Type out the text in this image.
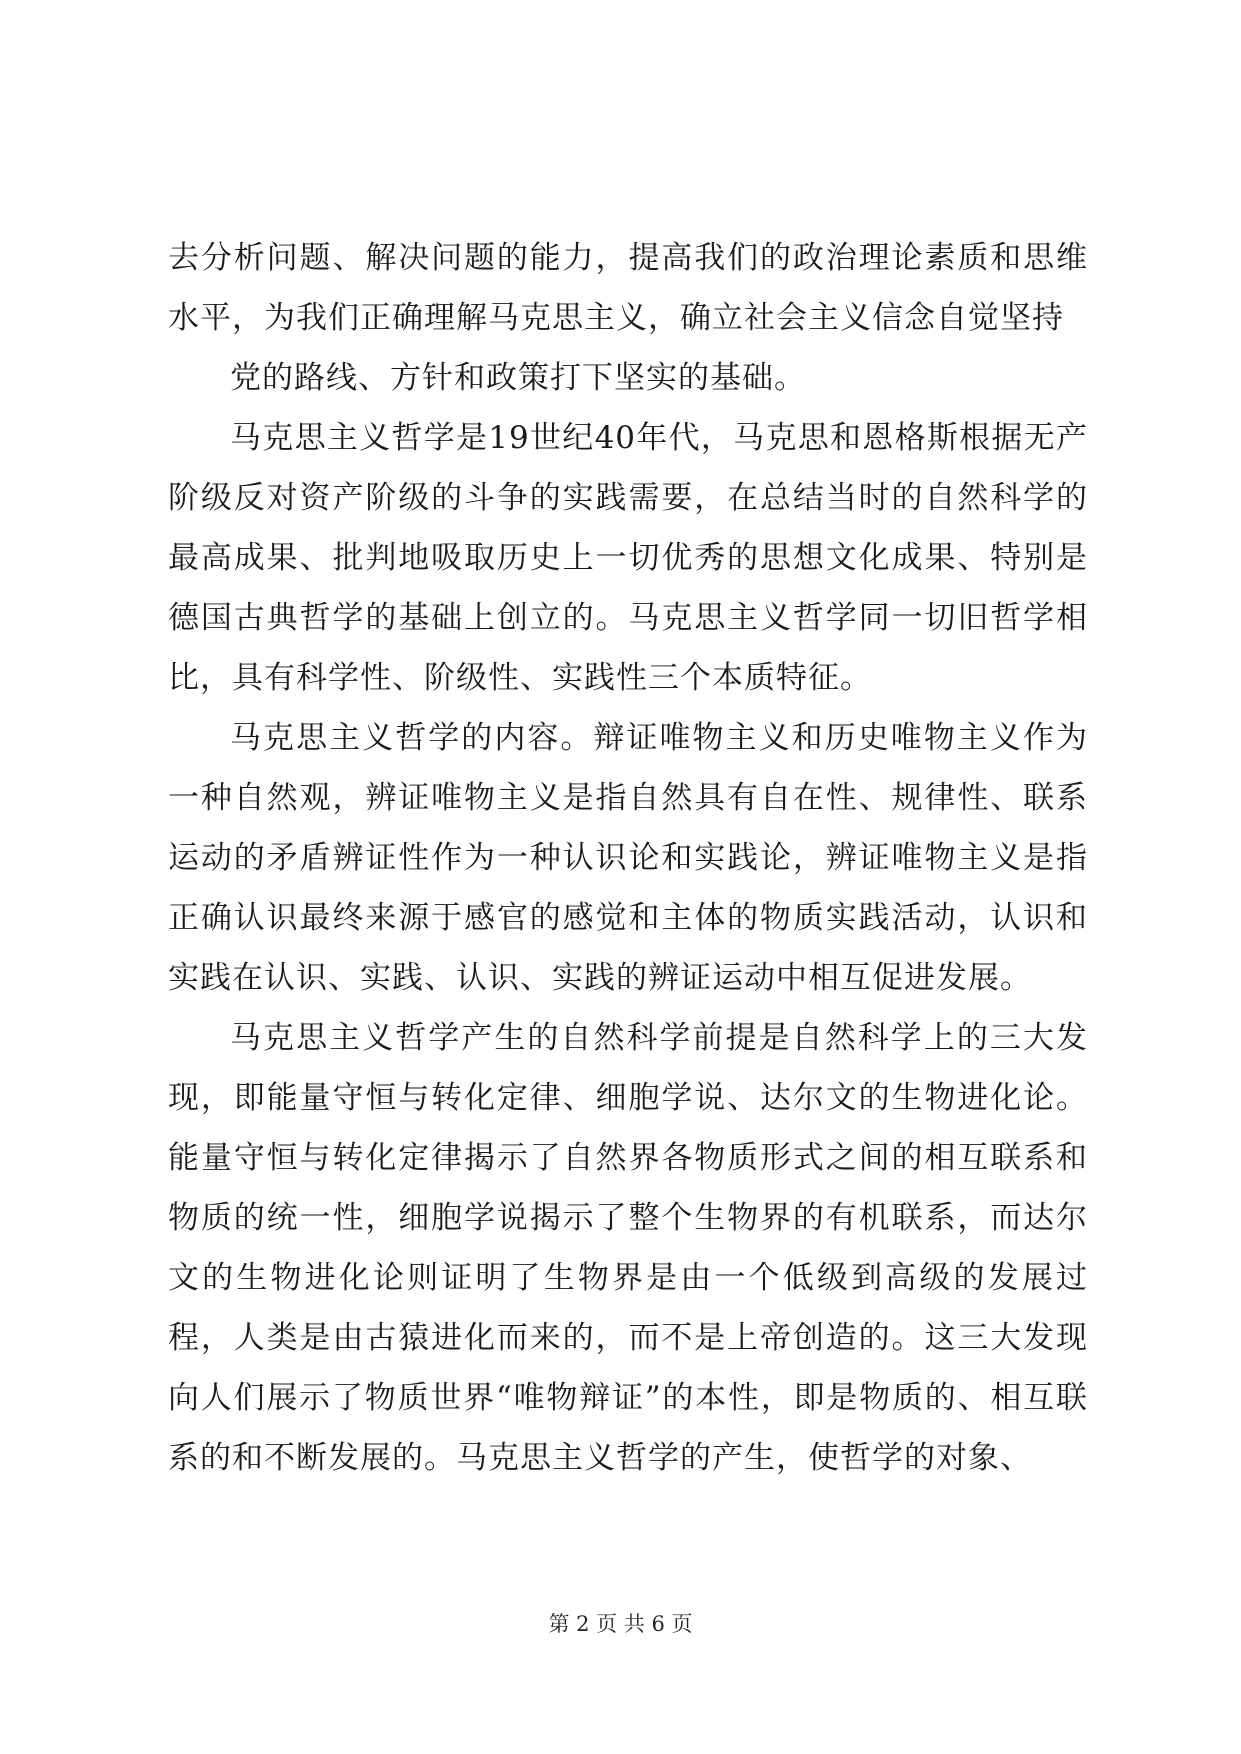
去分析问题、解决问题的能力，提高我们的政治理论素质和思维水平，为我们正确理解马克思主义，确立社会主义信念自觉坚持

党的路线、方针和政策打下坚实的基础。

马克思主义哲学是19世纪40年代，马克思和恩格斯根据无产阶级反对资产阶级的斗争的实践需要，在总结当时的自然科学的最高成果、批判地吸取历史上一切优秀的思想文化成果、特别是德国古典哲学的基础上创立的。马克思主义哲学同一切旧哲学相比，具有科学性、阶级性、实践性三个本质特征。

马克思主义哲学的内容。辩证唯物主义和历史唯物主义作为一种自然观，辨证唯物主义是指自然具有自在性、规律性、联系运动的矛盾辨证性作为一种认识论和实践论，辨证唯物主义是指正确认识最终来源于感官的感觉和主体的物质实践活动，认识和实践在认识、实践、认识、实践的辨证运动中相互促进发展。

马克思主义哲学产生的自然科学前提是自然科学上的三大发现，即能量守恒与转化定律、细胞学说、达尔文的生物进化论。能量守恒与转化定律揭示了自然界各物质形式之间的相互联系和物质的统一性，细胞学说揭示了整个生物界的有机联系，而达尔文的生物进化论则证明了生物界是由一个低级到高级的发展过程，人类是由古猿进化而来的，而不是上帝创造的。这三大发现向人们展示了物质世界“唯物辩证”的本性，即是物质的、相互联系的和不断发展的。马克思主义哲学的产生，使哲学的对象、

第 2 页 共 6 页
